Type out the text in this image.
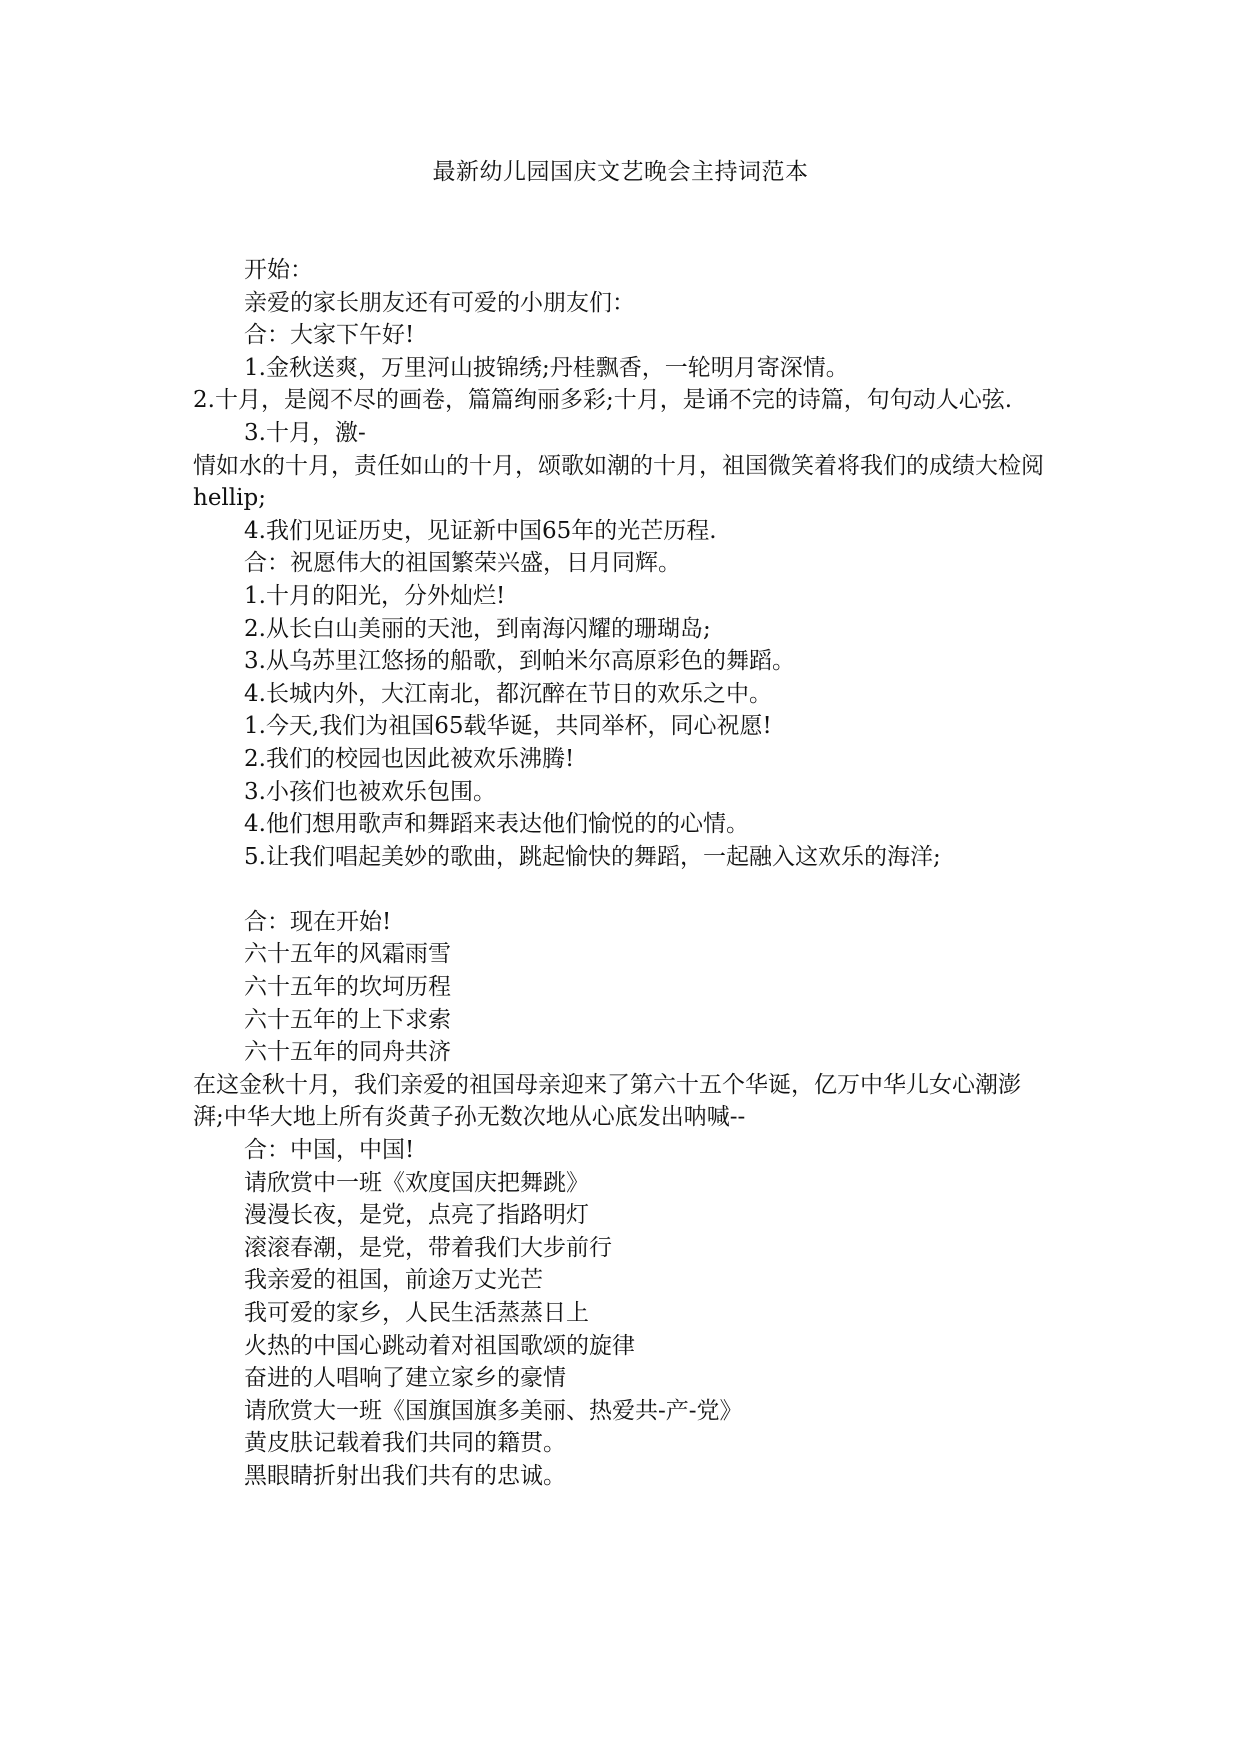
最新幼儿园国庆文艺晚会主持词范本

开始：

亲爱的家长朋友还有可爱的小朋友们：

合：大家下午好!

1.金秋送爽，万里河山披锦绣;丹桂飘香，一轮明月寄深情。

2.十月，是阅不尽的画卷，篇篇绚丽多彩;十月，是诵不完的诗篇，句句动人心弦.

3.十月，激-

情如水的十月，责任如山的十月，颂歌如潮的十月，祖国微笑着将我们的成绩大检阅hellip;

4.我们见证历史，见证新中国65年的光芒历程.

合：祝愿伟大的祖国繁荣兴盛，日月同辉。

1.十月的阳光，分外灿烂!

2.从长白山美丽的天池，到南海闪耀的珊瑚岛;

3.从乌苏里江悠扬的船歌，到帕米尔高原彩色的舞蹈。

4.长城内外，大江南北，都沉醉在节日的欢乐之中。

1.今天,我们为祖国65载华诞，共同举杯，同心祝愿!

2.我们的校园也因此被欢乐沸腾!

3.小孩们也被欢乐包围。

4.他们想用歌声和舞蹈来表达他们愉悦的的心情。

5.让我们唱起美妙的歌曲，跳起愉快的舞蹈，一起融入这欢乐的海洋;

合：现在开始!

六十五年的风霜雨雪

六十五年的坎坷历程

六十五年的上下求索

六十五年的同舟共济

在这金秋十月，我们亲爱的祖国母亲迎来了第六十五个华诞，亿万中华儿女心潮澎湃;中华大地上所有炎黄子孙无数次地从心底发出呐喊--

合：中国，中国!

请欣赏中一班《欢度国庆把舞跳》

漫漫长夜，是党，点亮了指路明灯

滚滚春潮，是党，带着我们大步前行

我亲爱的祖国，前途万丈光芒

我可爱的家乡，人民生活蒸蒸日上

火热的中国心跳动着对祖国歌颂的旋律

奋进的人唱响了建立家乡的豪情

请欣赏大一班《国旗国旗多美丽、热爱共-产-党》

黄皮肤记载着我们共同的籍贯。

黑眼睛折射出我们共有的忠诚。
